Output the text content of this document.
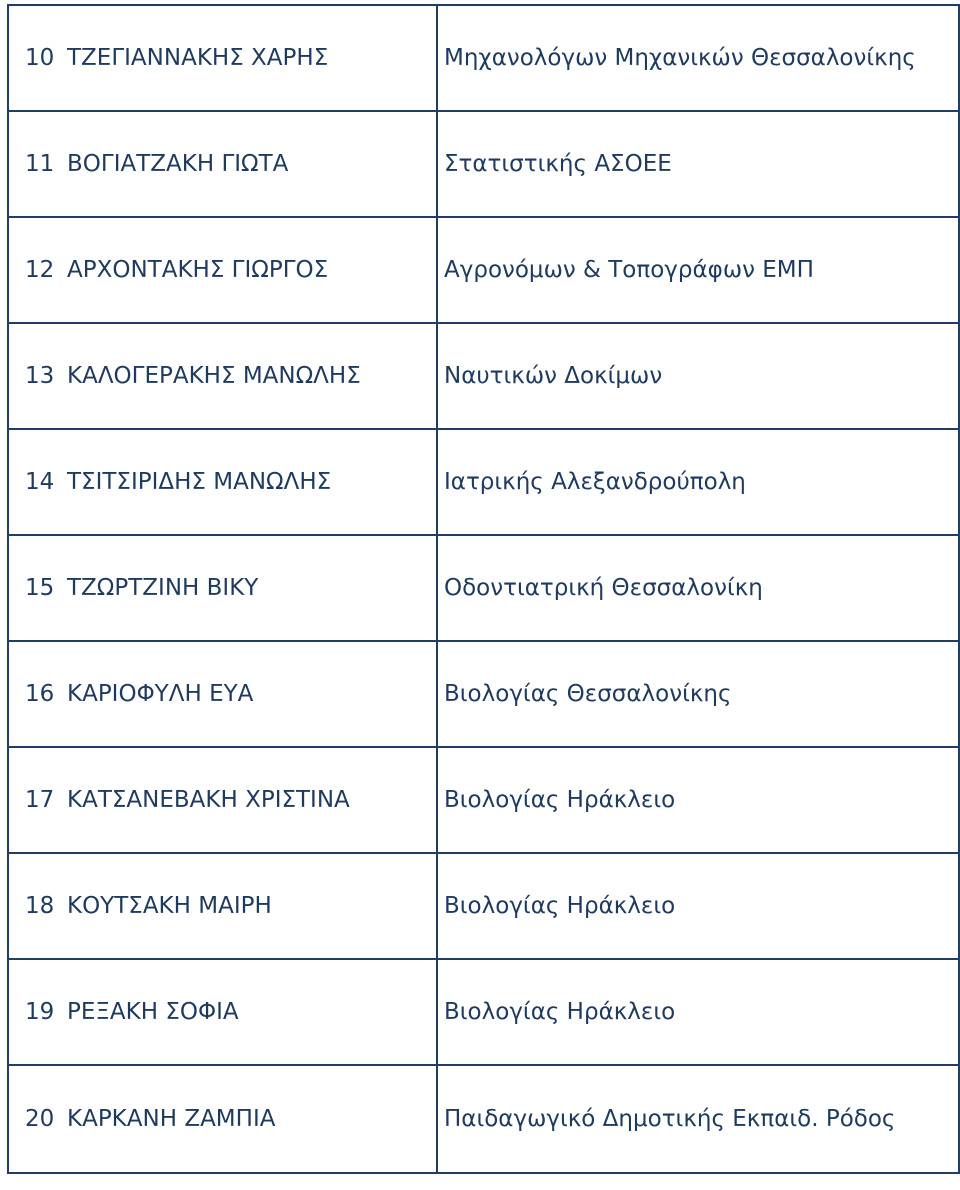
10 ΤΖΕΓΙΑΝΝΑΚΗΣ ΧΑΡΗΣ	Μηχανολόγων Μηχανικών Θεσσαλονίκης
11 ΒΟΓΙΑΤΖΑΚΗ ΓΙΩΤΑ	Στατιστικής ΑΣΟΕΕ
12 ΑΡΧΟΝΤΑΚΗΣ ΓΙΩΡΓΟΣ	Αγρονόμων & Τοπογράφων ΕΜΠ
13 ΚΑΛΟΓΕΡΑΚΗΣ ΜΑΝΩΛΗΣ	Ναυτικών Δοκίμων
14 ΤΣΙΤΣΙΡΙΔΗΣ ΜΑΝΩΛΗΣ	Ιατρικής Αλεξανδρούπολη
15 ΤΖΩΡΤΖΙΝΗ ΒΙΚΥ	Οδοντιατρική Θεσσαλονίκη
16 ΚΑΡΙΟΦΥΛΗ ΕΥΑ	Βιολογίας Θεσσαλονίκης
17 ΚΑΤΣΑΝΕΒΑΚΗ ΧΡΙΣΤΙΝΑ	Βιολογίας Ηράκλειο
18 ΚΟΥΤΣΑΚΗ ΜΑΙΡΗ	Βιολογίας Ηράκλειο
19 ΡΕΞΑΚΗ ΣΟΦΙΑ	Βιολογίας Ηράκλειο
20 ΚΑΡΚΑΝΗ ΖΑΜΠΙΑ	Παιδαγωγικό Δημοτικής Εκπαιδ. Ρόδος
